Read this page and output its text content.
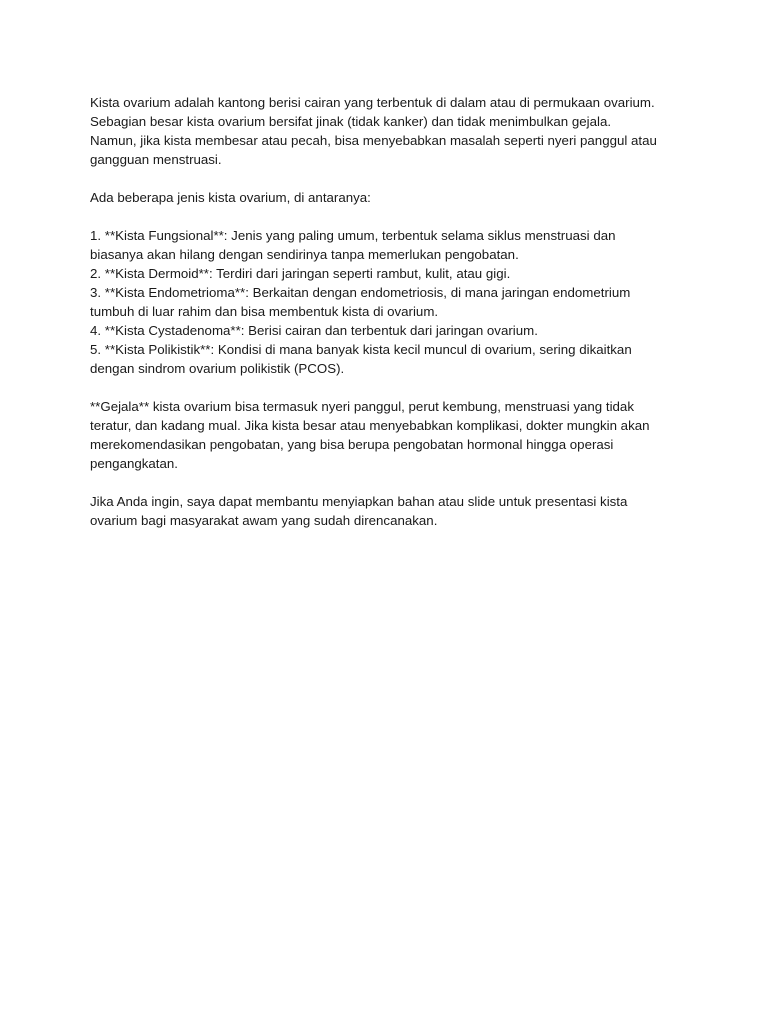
Kista ovarium adalah kantong berisi cairan yang terbentuk di dalam atau di permukaan ovarium.

Sebagian besar kista ovarium bersifat jinak (tidak kanker) dan tidak menimbulkan gejala.

Namun, jika kista membesar atau pecah, bisa menyebabkan masalah seperti nyeri panggul atau

gangguan menstruasi.

Ada beberapa jenis kista ovarium, di antaranya:

1. **Kista Fungsional**: Jenis yang paling umum, terbentuk selama siklus menstruasi dan

biasanya akan hilang dengan sendirinya tanpa memerlukan pengobatan.

2. **Kista Dermoid**: Terdiri dari jaringan seperti rambut, kulit, atau gigi.

3. **Kista Endometrioma**: Berkaitan dengan endometriosis, di mana jaringan endometrium

tumbuh di luar rahim dan bisa membentuk kista di ovarium.

4. **Kista Cystadenoma**: Berisi cairan dan terbentuk dari jaringan ovarium.

5. **Kista Polikistik**: Kondisi di mana banyak kista kecil muncul di ovarium, sering dikaitkan

dengan sindrom ovarium polikistik (PCOS).

**Gejala** kista ovarium bisa termasuk nyeri panggul, perut kembung, menstruasi yang tidak

teratur, dan kadang mual. Jika kista besar atau menyebabkan komplikasi, dokter mungkin akan

merekomendasikan pengobatan, yang bisa berupa pengobatan hormonal hingga operasi

pengangkatan.

Jika Anda ingin, saya dapat membantu menyiapkan bahan atau slide untuk presentasi kista

ovarium bagi masyarakat awam yang sudah direncanakan.
